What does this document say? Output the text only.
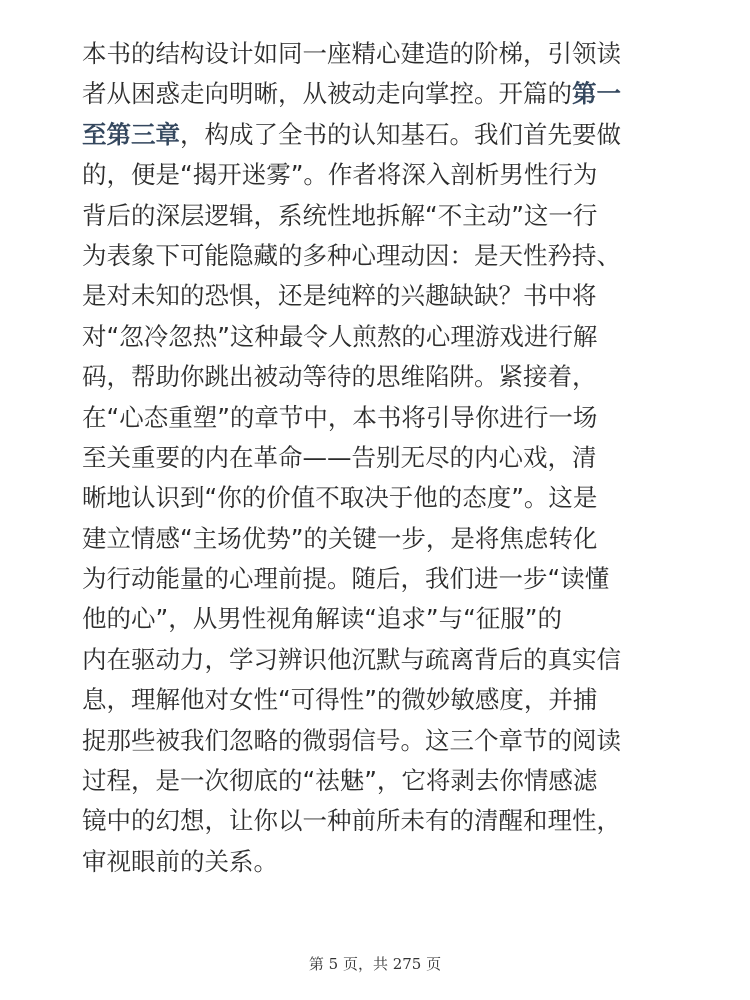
本书的结构设计如同一座精心建造的阶梯，引领读
者从困惑走向明晰，从被动走向掌控。开篇的第一
至第三章，构成了全书的认知基石。我们首先要做
的，便是“揭开迷雾”。作者将深入剖析男性行为
背后的深层逻辑，系统性地拆解“不主动”这一行
为表象下可能隐藏的多种心理动因：是天性矜持、
是对未知的恐惧，还是纯粹的兴趣缺缺？书中将
对“忽冷忽热”这种最令人煎熬的心理游戏进行解
码，帮助你跳出被动等待的思维陷阱。紧接着，
在“心态重塑”的章节中，本书将引导你进行一场
至关重要的内在革命——告别无尽的内心戏，清
晰地认识到“你的价值不取决于他的态度”。这是
建立情感“主场优势”的关键一步，是将焦虑转化
为行动能量的心理前提。随后，我们进一步“读懂
他的心”，从男性视角解读“追求”与“征服”的
内在驱动力，学习辨识他沉默与疏离背后的真实信
息，理解他对女性“可得性”的微妙敏感度，并捕
捉那些被我们忽略的微弱信号。这三个章节的阅读
过程，是一次彻底的“祛魅”，它将剥去你情感滤
镜中的幻想，让你以一种前所未有的清醒和理性，
审视眼前的关系。
第 5 页，共 275 页
